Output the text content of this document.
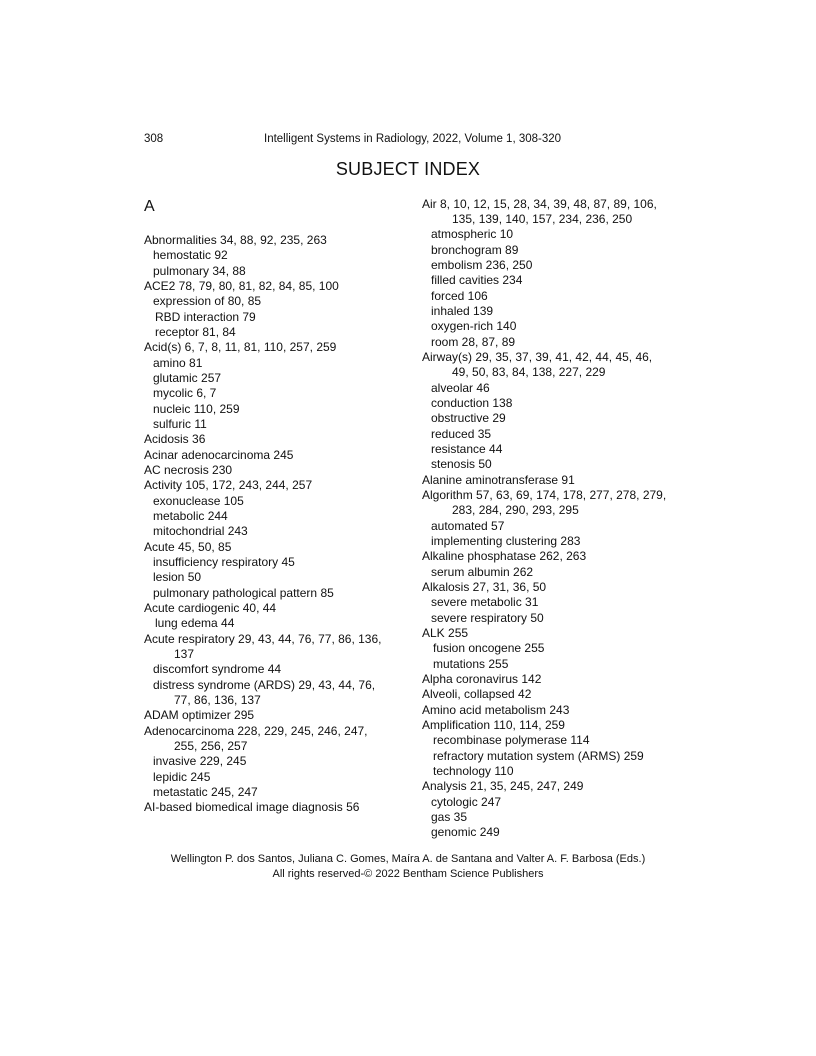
308	Intelligent Systems in Radiology, 2022, Volume 1, 308-320
SUBJECT INDEX
A
Abnormalities 34, 88, 92, 235, 263
hemostatic 92
pulmonary 34, 88
ACE2 78, 79, 80, 81, 82, 84, 85, 100
expression of 80, 85
RBD interaction 79
receptor 81, 84
Acid(s) 6, 7, 8, 11, 81, 110, 257, 259
amino 81
glutamic 257
mycolic 6, 7
nucleic 110, 259
sulfuric 11
Acidosis 36
Acinar adenocarcinoma 245
AC necrosis 230
Activity 105, 172, 243, 244, 257
exonuclease 105
metabolic 244
mitochondrial 243
Acute 45, 50, 85
insufficiency respiratory 45
lesion 50
pulmonary pathological pattern 85
Acute cardiogenic 40, 44
lung edema 44
Acute respiratory 29, 43, 44, 76, 77, 86, 136,
137
discomfort syndrome 44
distress syndrome (ARDS) 29, 43, 44, 76,
77, 86, 136, 137
ADAM optimizer 295
Adenocarcinoma 228, 229, 245, 246, 247,
255, 256, 257
invasive 229, 245
lepidic 245
metastatic 245, 247
AI-based biomedical image diagnosis 56
Air 8, 10, 12, 15, 28, 34, 39, 48, 87, 89, 106,
135, 139, 140, 157, 234, 236, 250
atmospheric 10
bronchogram 89
embolism 236, 250
filled cavities 234
forced 106
inhaled 139
oxygen-rich 140
room 28, 87, 89
Airway(s) 29, 35, 37, 39, 41, 42, 44, 45, 46,
49, 50, 83, 84, 138, 227, 229
alveolar 46
conduction 138
obstructive 29
reduced 35
resistance 44
stenosis 50
Alanine aminotransferase 91
Algorithm 57, 63, 69, 174, 178, 277, 278, 279,
283, 284, 290, 293, 295
automated 57
implementing clustering 283
Alkaline phosphatase 262, 263
serum albumin 262
Alkalosis 27, 31, 36, 50
severe metabolic 31
severe respiratory 50
ALK 255
fusion oncogene 255
mutations 255
Alpha coronavirus 142
Alveoli, collapsed 42
Amino acid metabolism 243
Amplification 110, 114, 259
recombinase polymerase 114
refractory mutation system (ARMS) 259
technology 110
Analysis 21, 35, 245, 247, 249
cytologic 247
gas 35
genomic 249
Wellington P. dos Santos, Juliana C. Gomes, Maíra A. de Santana and Valter A. F. Barbosa (Eds.)
All rights reserved-© 2022 Bentham Science Publishers
